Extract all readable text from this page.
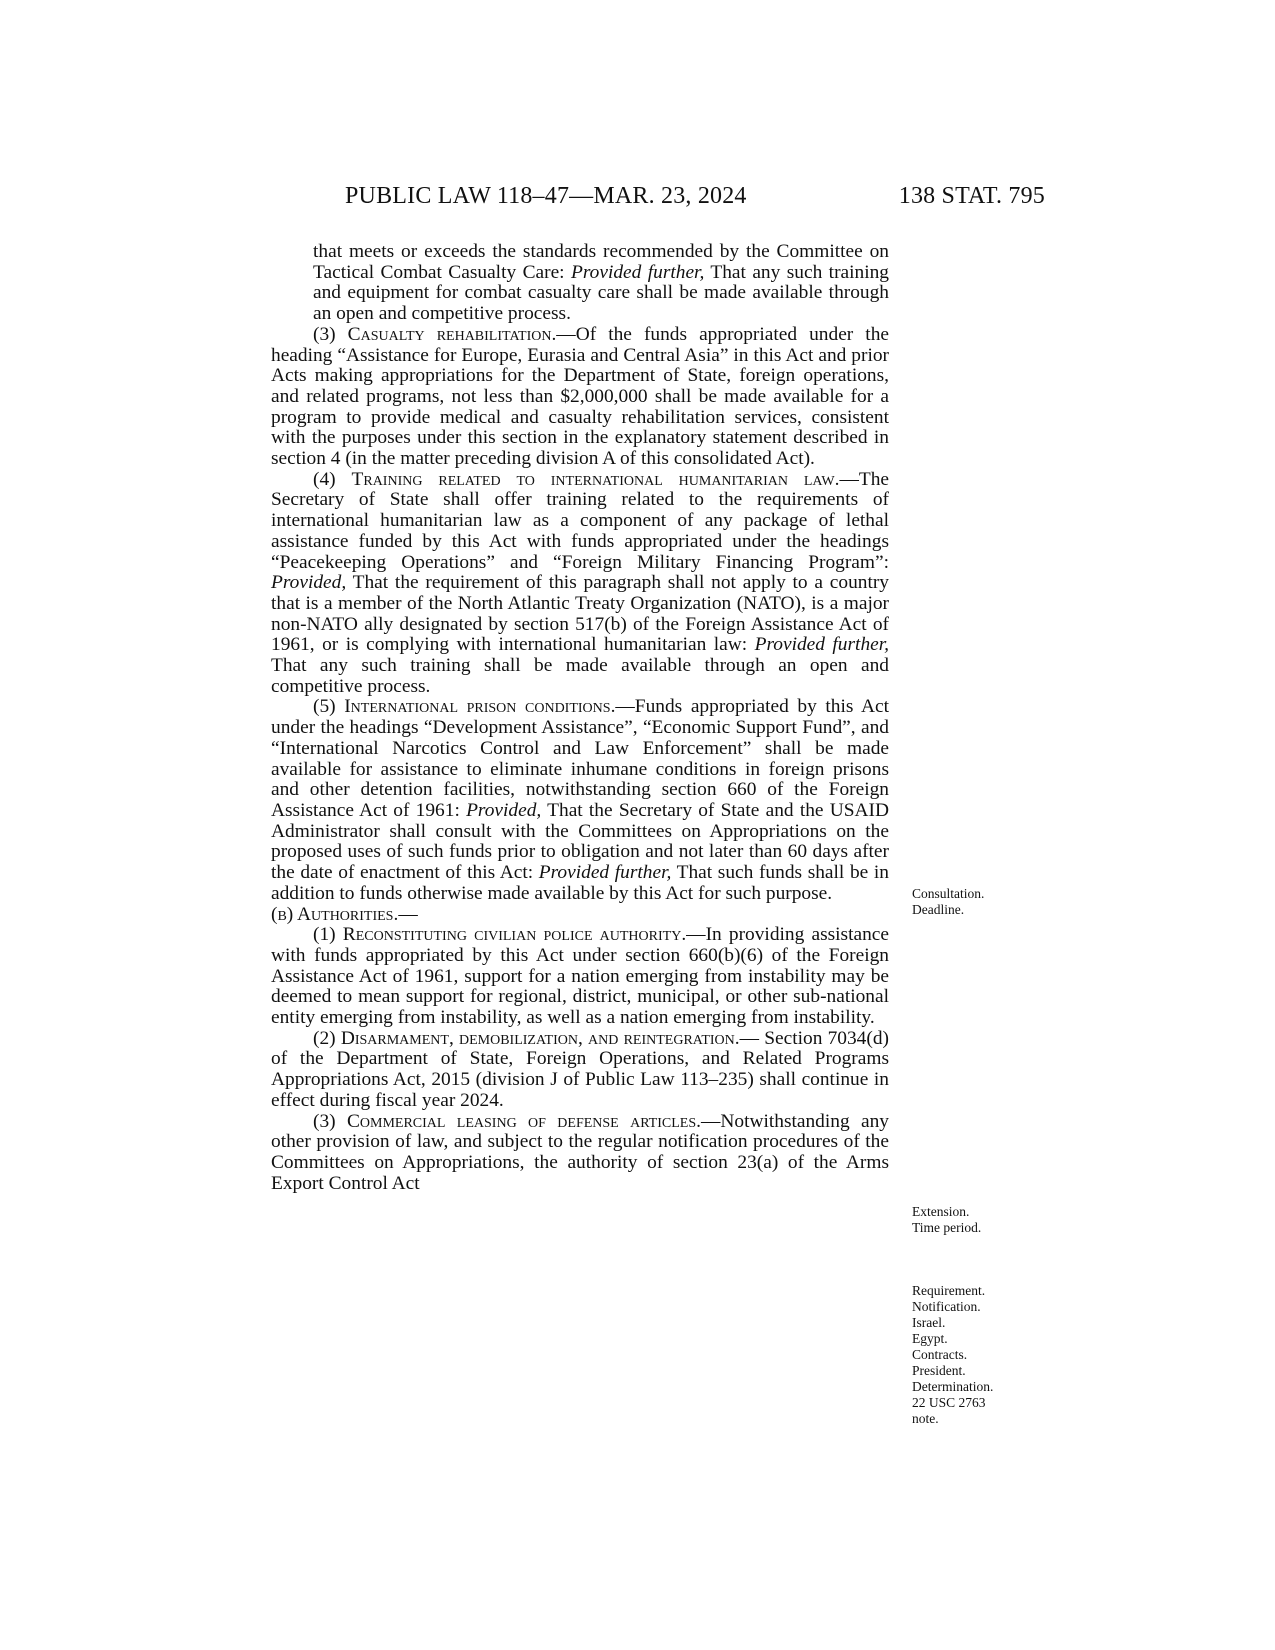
PUBLIC LAW 118–47—MAR. 23, 2024	138 STAT. 795

that meets or exceeds the standards recommended by the Committee on Tactical Combat Casualty Care: Provided further, That any such training and equipment for combat casualty care shall be made available through an open and competitive process.

(3) Casualty rehabilitation.—Of the funds appropriated under the heading “Assistance for Europe, Eurasia and Central Asia” in this Act and prior Acts making appropriations for the Department of State, foreign operations, and related programs, not less than $2,000,000 shall be made available for a program to provide medical and casualty rehabilitation services, consistent with the purposes under this section in the explanatory statement described in section 4 (in the matter preceding division A of this consolidated Act).

(4) Training related to international humanitarian law.—The Secretary of State shall offer training related to the requirements of international humanitarian law as a component of any package of lethal assistance funded by this Act with funds appropriated under the headings “Peacekeeping Operations” and “Foreign Military Financing Program”: Provided, That the requirement of this paragraph shall not apply to a country that is a member of the North Atlantic Treaty Organization (NATO), is a major non-NATO ally designated by section 517(b) of the Foreign Assistance Act of 1961, or is complying with international humanitarian law: Provided further, That any such training shall be made available through an open and competitive process.

(5) International prison conditions.—Funds appropriated by this Act under the headings “Development Assistance”, “Economic Support Fund”, and “International Narcotics Control and Law Enforcement” shall be made available for assistance to eliminate inhumane conditions in foreign prisons and other detention facilities, notwithstanding section 660 of the Foreign Assistance Act of 1961: Provided, That the Secretary of State and the USAID Administrator shall consult with the Committees on Appropriations on the proposed uses of such funds prior to obligation and not later than 60 days after the date of enactment of this Act: Provided further, That such funds shall be in addition to funds otherwise made available by this Act for such purpose.

(b) Authorities.—

(1) Reconstituting civilian police authority.—In providing assistance with funds appropriated by this Act under section 660(b)(6) of the Foreign Assistance Act of 1961, support for a nation emerging from instability may be deemed to mean support for regional, district, municipal, or other sub-national entity emerging from instability, as well as a nation emerging from instability.

(2) Disarmament, demobilization, and reintegration.— Section 7034(d) of the Department of State, Foreign Operations, and Related Programs Appropriations Act, 2015 (division J of Public Law 113–235) shall continue in effect during fiscal year 2024.

(3) Commercial leasing of defense articles.—Notwithstanding any other provision of law, and subject to the regular notification procedures of the Committees on Appropriations, the authority of section 23(a) of the Arms Export Control Act

Consultation.
Deadline.
Extension.
Time period.
Requirement.
Notification.
Israel.
Egypt.
Contracts.
President.
Determination.
22 USC 2763
note.
